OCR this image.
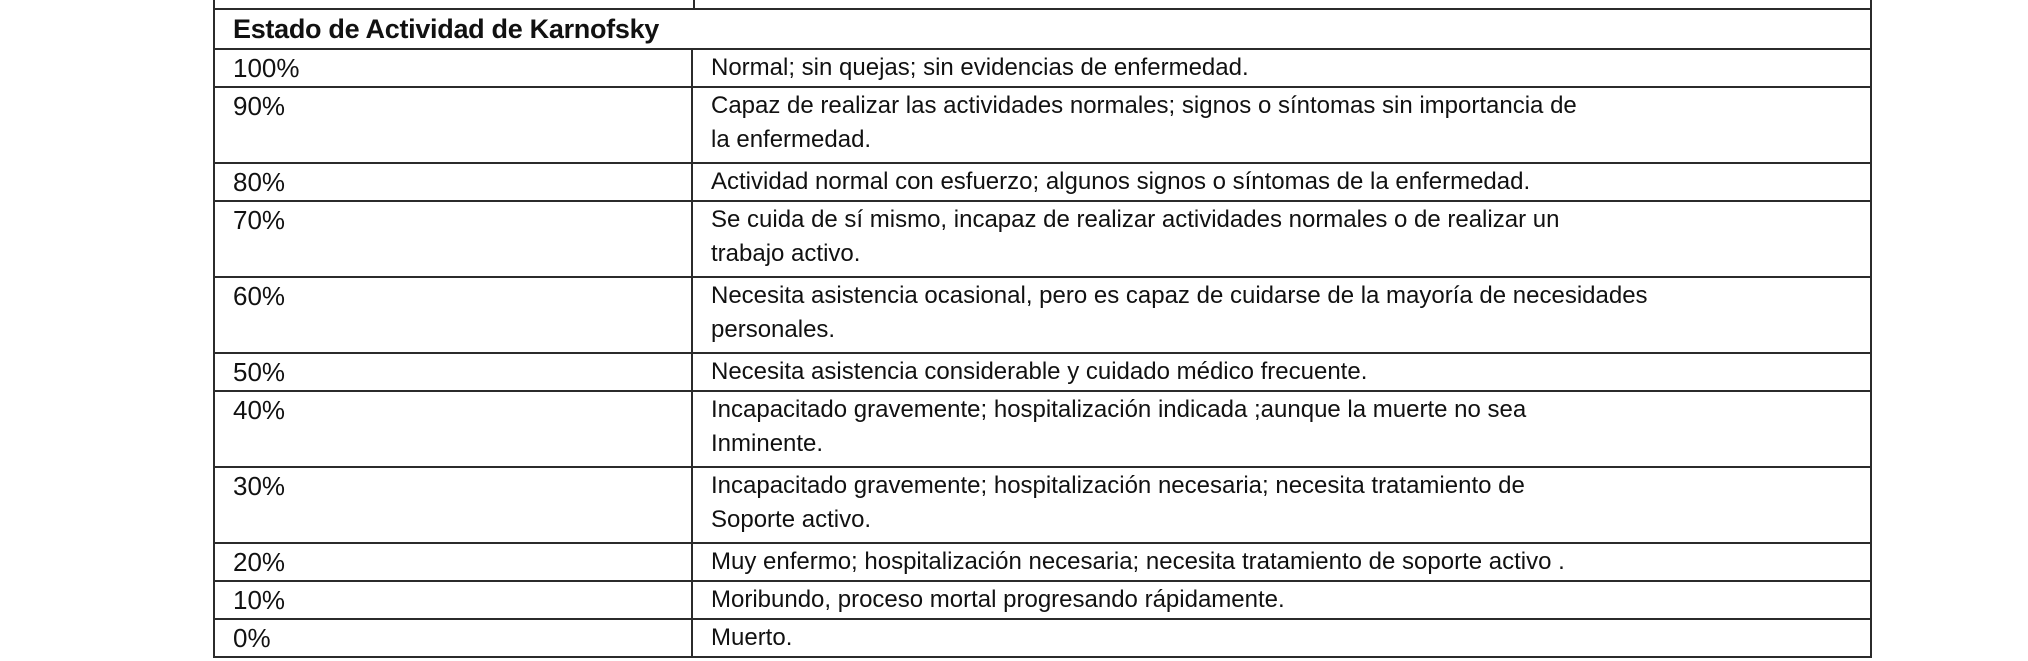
Estado de Actividad de Karnofsky
100%	Normal; sin quejas; sin evidencias de enfermedad.
90%	Capaz de realizar las actividades normales; signos o síntomas sin importancia de
la enfermedad.
80%	Actividad normal con esfuerzo; algunos signos o síntomas de la enfermedad.
70%	Se cuida de sí mismo, incapaz de realizar actividades normales o de realizar un
trabajo activo.
60%	Necesita asistencia ocasional, pero es capaz de cuidarse de la mayoría de necesidades
personales.
50%	Necesita asistencia considerable y cuidado médico frecuente.
40%	Incapacitado gravemente; hospitalización indicada ;aunque la muerte no sea
Inminente.
30%	Incapacitado gravemente; hospitalización necesaria; necesita tratamiento de
Soporte activo.
20%	Muy enfermo; hospitalización necesaria; necesita tratamiento de soporte activo .
10%	Moribundo, proceso mortal progresando rápidamente.
0%	Muerto.
